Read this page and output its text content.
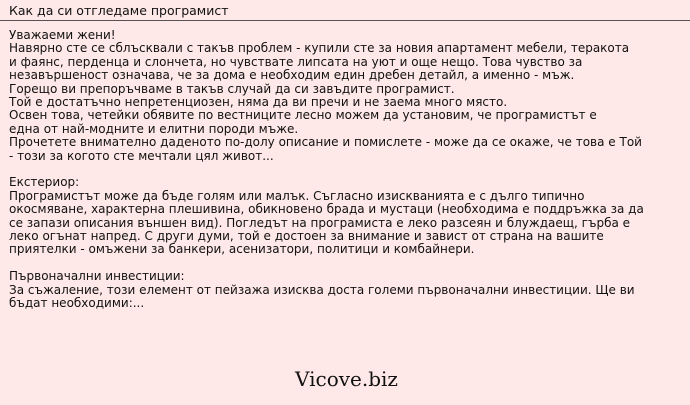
Как да си отгледаме програмист
Уважаеми жени!
Навярно сте се сблъсквали с такъв проблем - купили сте за новия апартамент мебели, теракота
и фаянс, перденца и слончета, но чувствате липсата на уют и още нещо. Това чувство за
незавършеност означава, че за дома е необходим един дребен детайл, а именно - мъж.
Горещо ви препоръчваме в такъв случай да си завъдите програмист.
Той е достатъчно непретенциозен, няма да ви пречи и не заема много място.
Освен това, четейки обявите по вестниците лесно можем да установим, че програмистът е
една от най-модните и елитни породи мъже.
Прочетете внимателно даденото по-долу описание и помислете - може да се окаже, че това е Той
- този за когото сте мечтали цял живот...
Екстериор:
Програмистът може да бъде голям или малък. Съгласно изискванията е с дълго типично
окосмяване, характерна плешивина, обикновено брада и мустаци (необходима е поддръжка за да
се запази описания външен вид). Погледът на програмиста е леко разсеян и блуждаещ, гърба е
леко огънат напред. С други думи, той е достоен за внимание и завист от страна на вашите
приятелки - омъжени за банкери, асенизатори, политици и комбайнери.
Първоначални инвестиции:
За съжаление, този елемент от пейзажа изисква доста големи първоначални инвестиции. Ще ви
бъдат необходими:...
Vicove.biz
